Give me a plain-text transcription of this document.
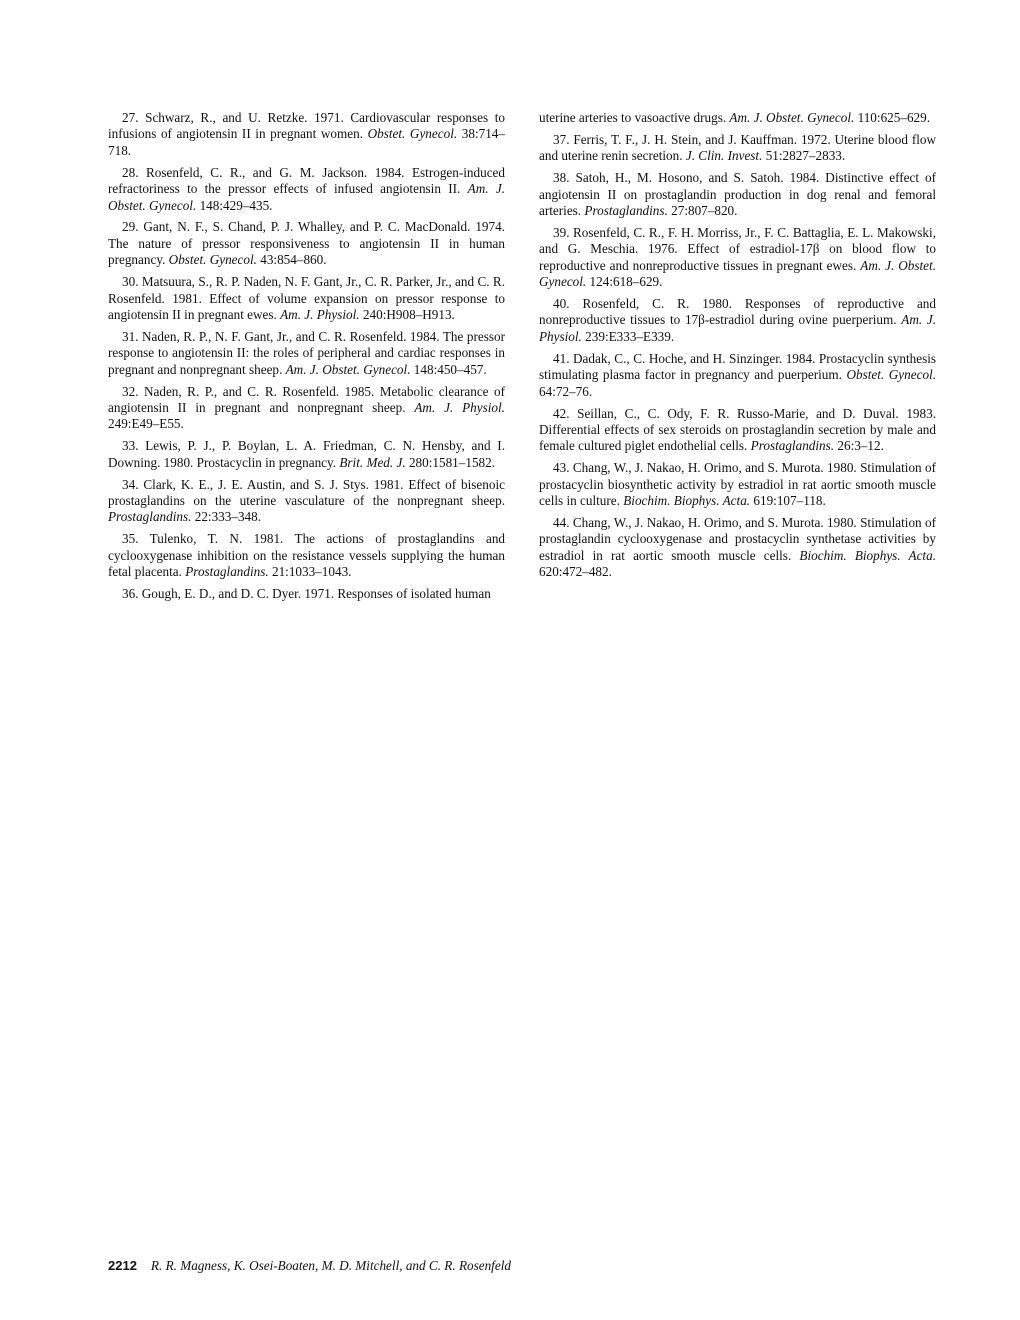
27. Schwarz, R., and U. Retzke. 1971. Cardiovascular responses to infusions of angiotensin II in pregnant women. Obstet. Gynecol. 38:714–718.

28. Rosenfeld, C. R., and G. M. Jackson. 1984. Estrogen-induced refractoriness to the pressor effects of infused angiotensin II. Am. J. Obstet. Gynecol. 148:429–435.

29. Gant, N. F., S. Chand, P. J. Whalley, and P. C. MacDonald. 1974. The nature of pressor responsiveness to angiotensin II in human pregnancy. Obstet. Gynecol. 43:854–860.

30. Matsuura, S., R. P. Naden, N. F. Gant, Jr., C. R. Parker, Jr., and C. R. Rosenfeld. 1981. Effect of volume expansion on pressor response to angiotensin II in pregnant ewes. Am. J. Physiol. 240:H908–H913.

31. Naden, R. P., N. F. Gant, Jr., and C. R. Rosenfeld. 1984. The pressor response to angiotensin II: the roles of peripheral and cardiac responses in pregnant and nonpregnant sheep. Am. J. Obstet. Gynecol. 148:450–457.

32. Naden, R. P., and C. R. Rosenfeld. 1985. Metabolic clearance of angiotensin II in pregnant and nonpregnant sheep. Am. J. Physiol. 249:E49–E55.

33. Lewis, P. J., P. Boylan, L. A. Friedman, C. N. Hensby, and I. Downing. 1980. Prostacyclin in pregnancy. Brit. Med. J. 280:1581–1582.

34. Clark, K. E., J. E. Austin, and S. J. Stys. 1981. Effect of bisenoic prostaglandins on the uterine vasculature of the nonpregnant sheep. Prostaglandins. 22:333–348.

35. Tulenko, T. N. 1981. The actions of prostaglandins and cyclooxygenase inhibition on the resistance vessels supplying the human fetal placenta. Prostaglandins. 21:1033–1043.

36. Gough, E. D., and D. C. Dyer. 1971. Responses of isolated human

uterine arteries to vasoactive drugs. Am. J. Obstet. Gynecol. 110:625–629.

37. Ferris, T. F., J. H. Stein, and J. Kauffman. 1972. Uterine blood flow and uterine renin secretion. J. Clin. Invest. 51:2827–2833.

38. Satoh, H., M. Hosono, and S. Satoh. 1984. Distinctive effect of angiotensin II on prostaglandin production in dog renal and femoral arteries. Prostaglandins. 27:807–820.

39. Rosenfeld, C. R., F. H. Morriss, Jr., F. C. Battaglia, E. L. Makowski, and G. Meschia. 1976. Effect of estradiol-17β on blood flow to reproductive and nonreproductive tissues in pregnant ewes. Am. J. Obstet. Gynecol. 124:618–629.

40. Rosenfeld, C. R. 1980. Responses of reproductive and nonreproductive tissues to 17β-estradiol during ovine puerperium. Am. J. Physiol. 239:E333–E339.

41. Dadak, C., C. Hoche, and H. Sinzinger. 1984. Prostacyclin synthesis stimulating plasma factor in pregnancy and puerperium. Obstet. Gynecol. 64:72–76.

42. Seillan, C., C. Ody, F. R. Russo-Marie, and D. Duval. 1983. Differential effects of sex steroids on prostaglandin secretion by male and female cultured piglet endothelial cells. Prostaglandins. 26:3–12.

43. Chang, W., J. Nakao, H. Orimo, and S. Murota. 1980. Stimulation of prostacyclin biosynthetic activity by estradiol in rat aortic smooth muscle cells in culture. Biochim. Biophys. Acta. 619:107–118.

44. Chang, W., J. Nakao, H. Orimo, and S. Murota. 1980. Stimulation of prostaglandin cyclooxygenase and prostacyclin synthetase activities by estradiol in rat aortic smooth muscle cells. Biochim. Biophys. Acta. 620:472–482.

2212 R. R. Magness, K. Osei-Boaten, M. D. Mitchell, and C. R. Rosenfeld
